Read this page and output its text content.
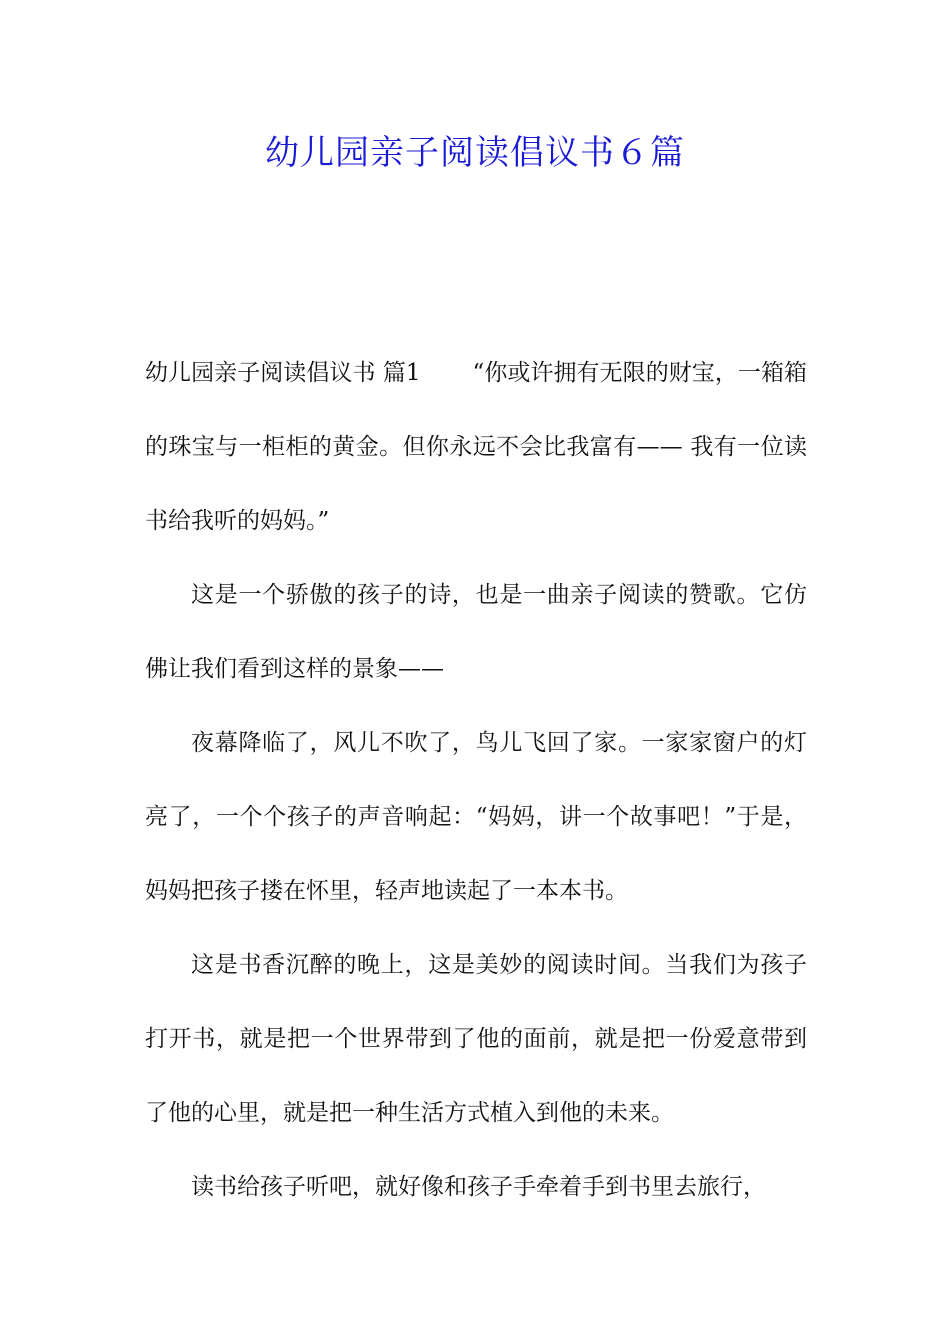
幼儿园亲子阅读倡议书６篇

幼儿园亲子阅读倡议书 篇1 “你或许拥有无限的财宝，一箱箱的珠宝与一柜柜的黄金。但你永远不会比我富有—— 我有一位读书给我听的妈妈。”

这是一个骄傲的孩子的诗，也是一曲亲子阅读的赞歌。它仿佛让我们看到这样的景象——

夜幕降临了，风儿不吹了，鸟儿飞回了家。一家家窗户的灯亮了，一个个孩子的声音响起：“妈妈，讲一个故事吧！”于是，妈妈把孩子搂在怀里，轻声地读起了一本本书。

这是书香沉醉的晚上，这是美妙的阅读时间。当我们为孩子打开书，就是把一个世界带到了他的面前，就是把一份爱意带到了他的心里，就是把一种生活方式植入到他的未来。

读书给孩子听吧，就好像和孩子手牵着手到书里去旅行，
